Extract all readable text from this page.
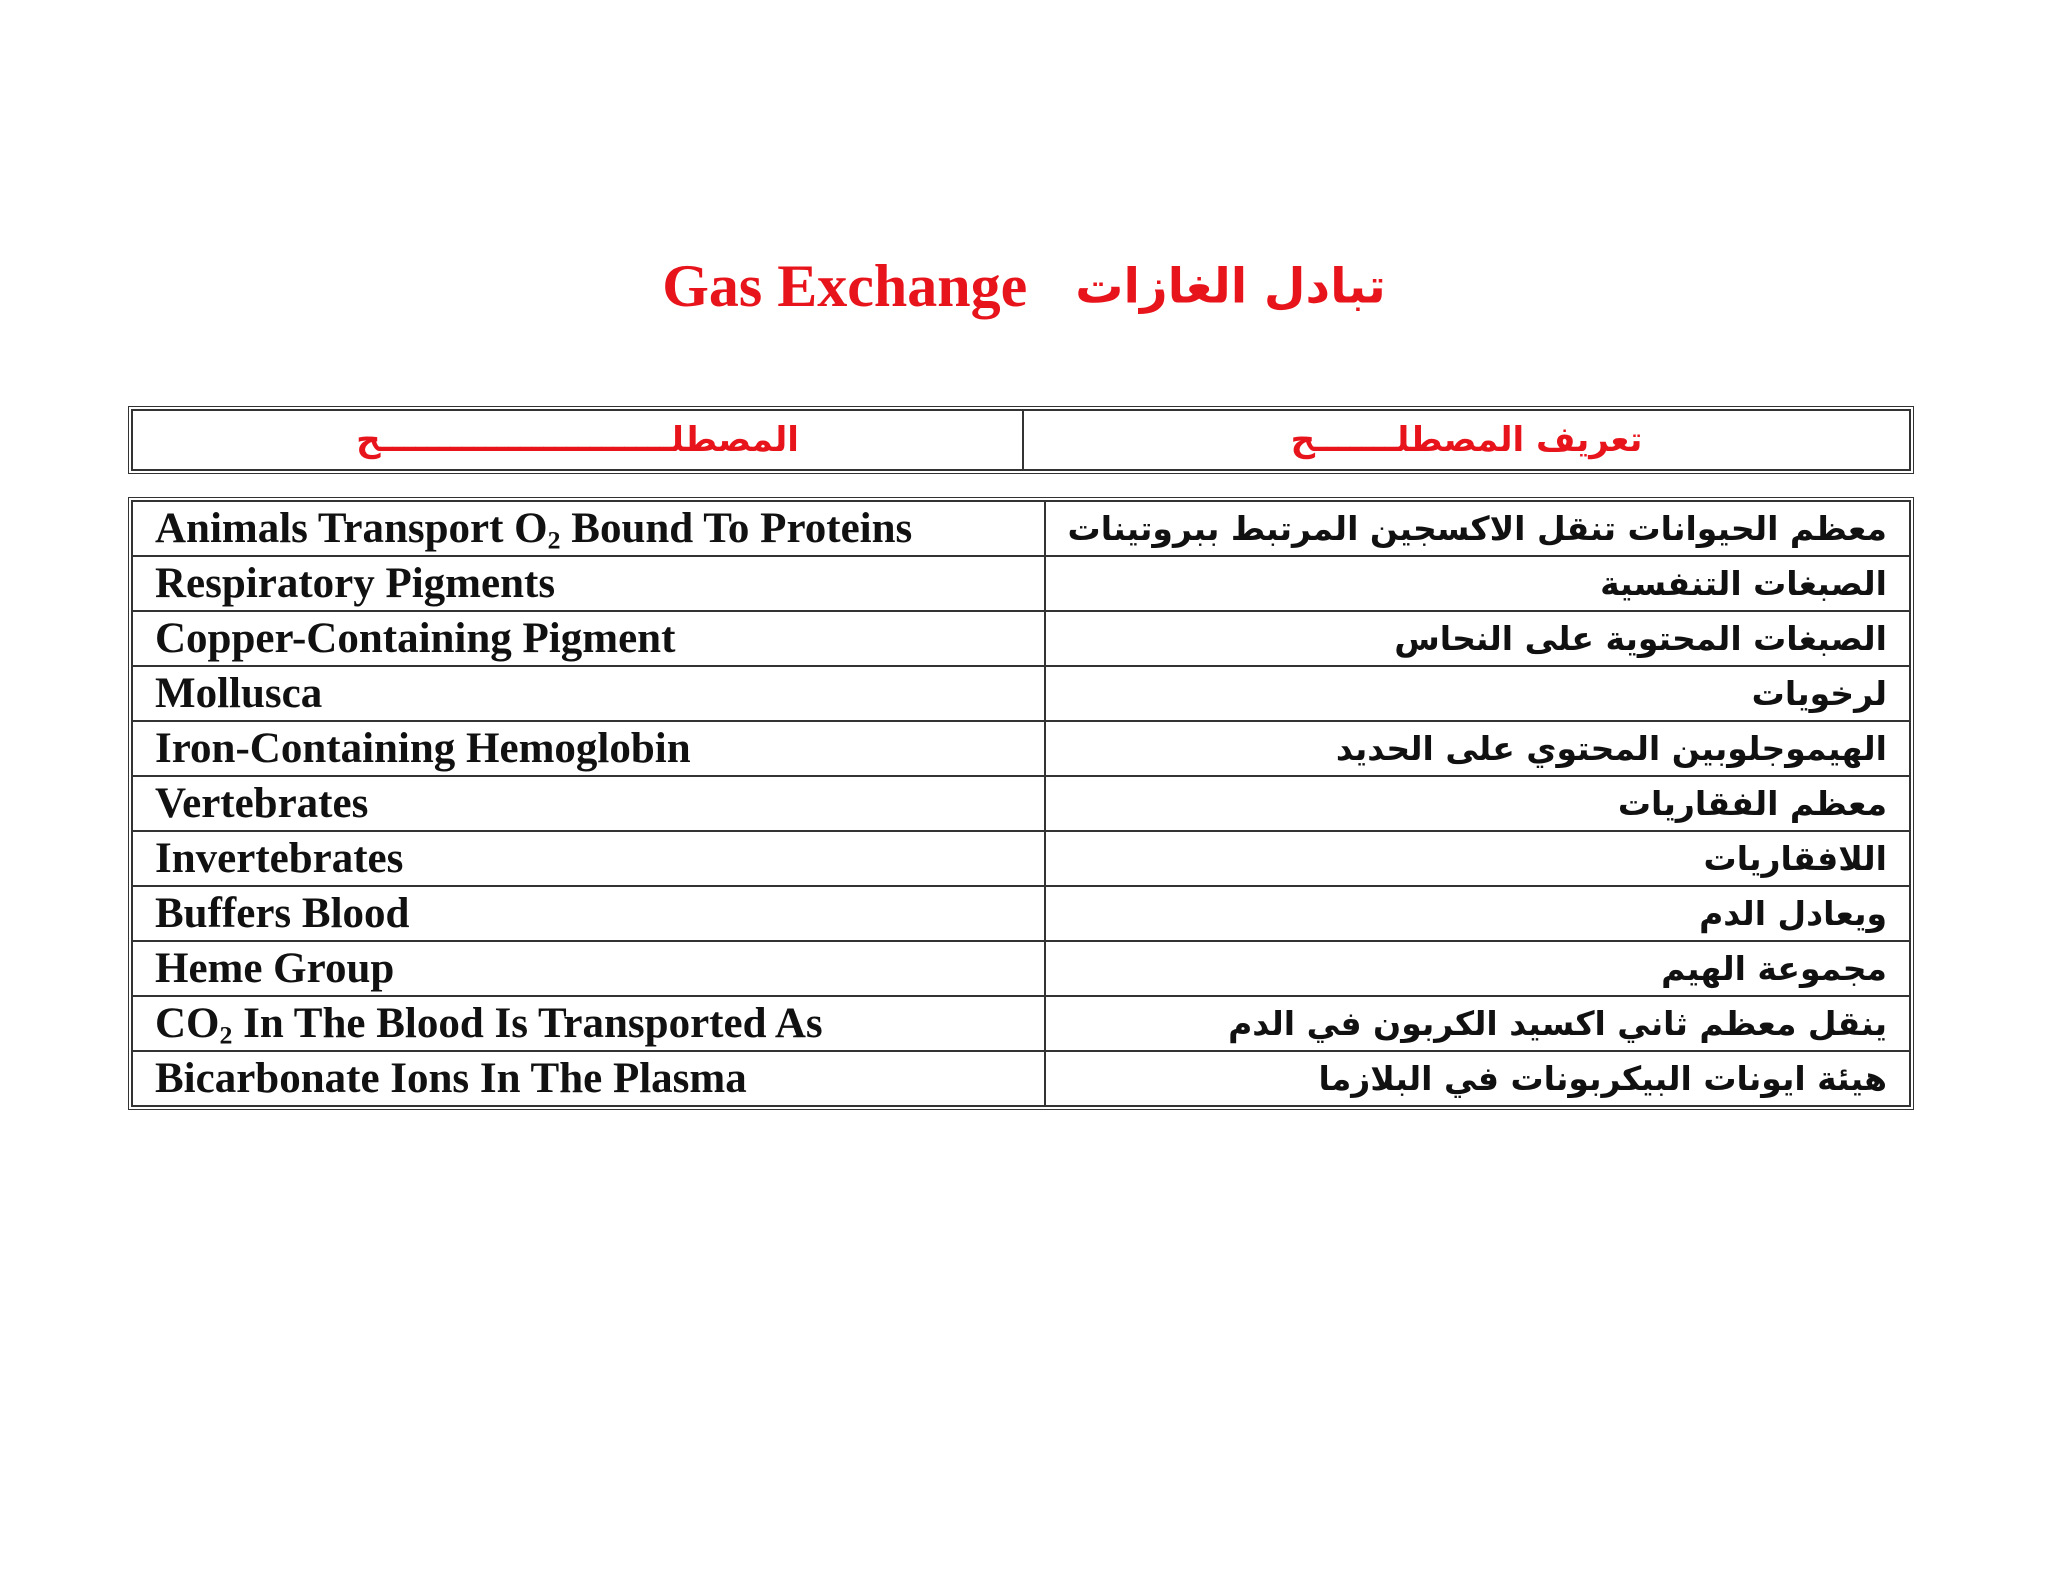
Gas Exchange تبادل الغازات
المصطلـــــــــــــــــــــــــح	تعريف المصطلـــــــح
Animals Transport $O_2$ Bound To Proteins	معظم الحيوانات تنقل الاكسجين المرتبط ببروتينات
Respiratory Pigments	الصبغات التنفسية
Copper-Containing Pigment	الصبغات المحتوية على النحاس
Mollusca	لرخويات
Iron-Containing Hemoglobin	الهيموجلوبين المحتوي على الحديد
Vertebrates	معظم الفقاريات
Invertebrates	اللافقاريات
Buffers Blood	ويعادل الدم
Heme Group	مجموعة الهيم
$CO_2$ In The Blood Is Transported As	ينقل معظم ثاني اكسيد الكربون في الدم
Bicarbonate Ions In The Plasma	هيئة ايونات البيكربونات في البلازما
